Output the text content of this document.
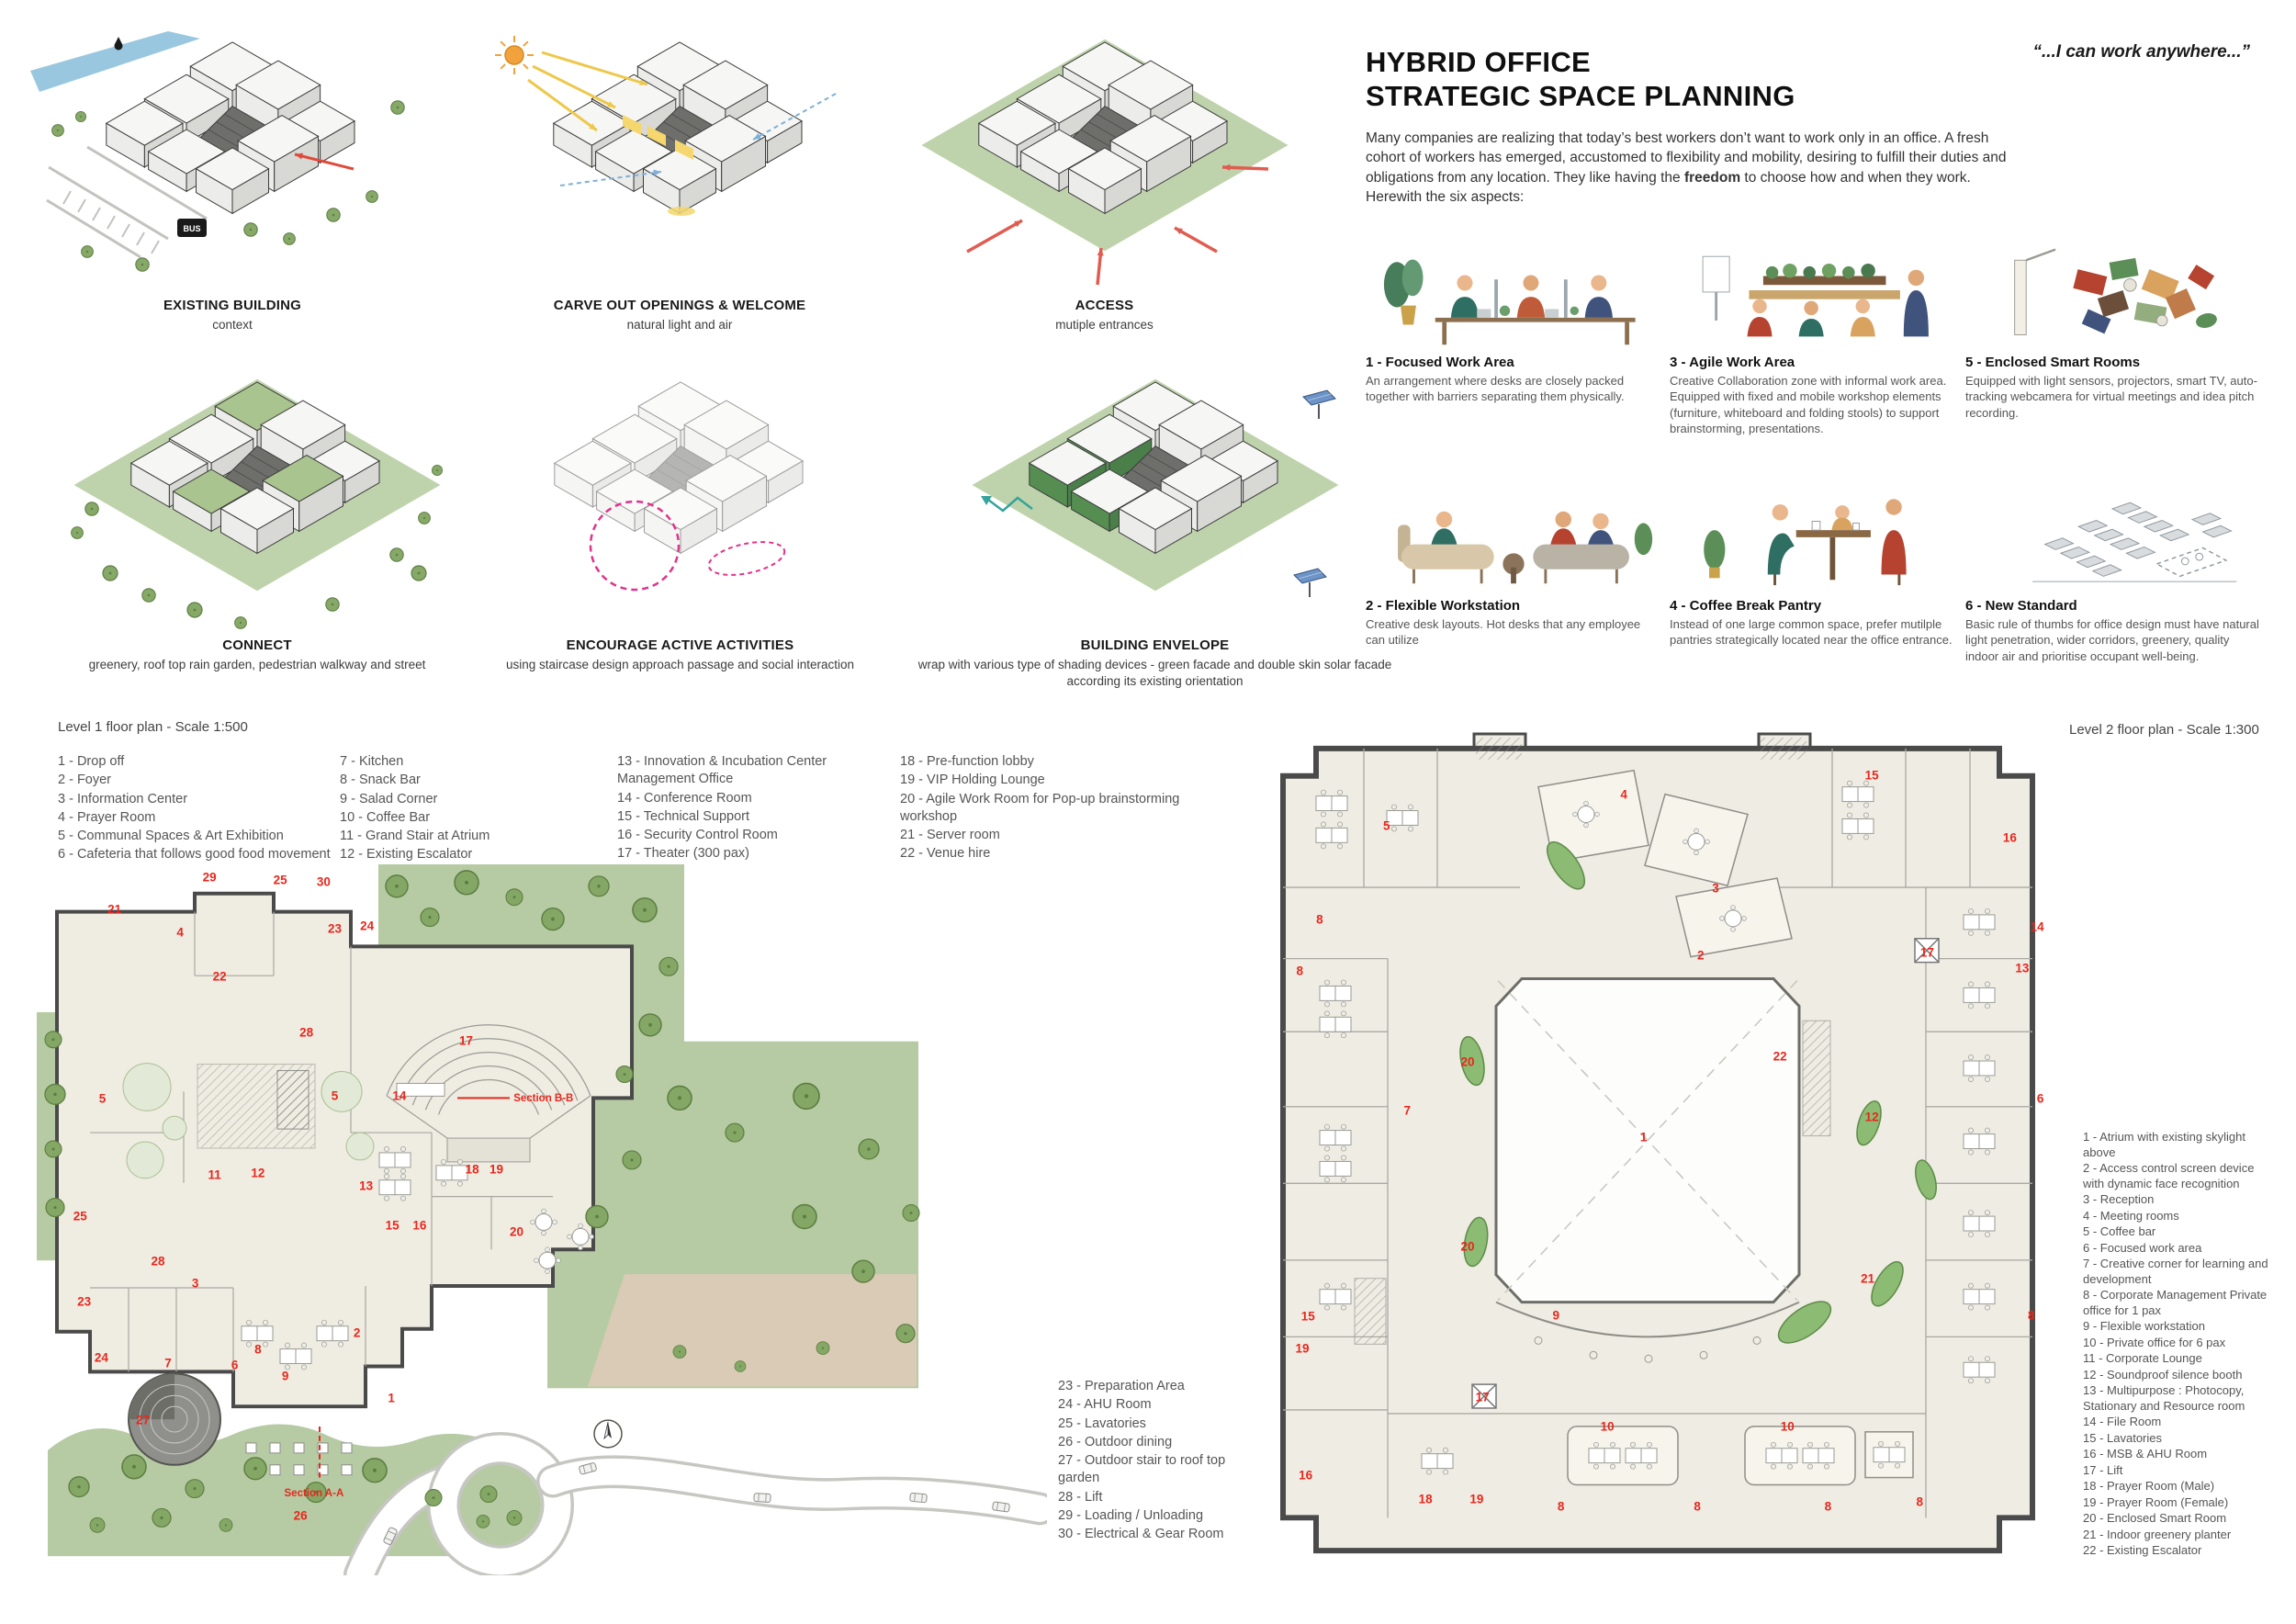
BUS
EXISTING BUILDING
context
CARVE OUT OPENINGS & WELCOME
natural light and air
ACCESS
mutiple entrances
CONNECT
greenery, roof top rain garden, pedestrian walkway and street
ENCOURAGE ACTIVE ACTIVITIES
using staircase design approach passage and social interaction
BUILDING ENVELOPE
wrap with various type of shading devices - green facade and double skin solar facade according its existing orientation
HYBRID OFFICE
STRATEGIC SPACE PLANNING
“...I can work anywhere...”

Many companies are realizing that today’s best workers don’t want to work only in an office. A fresh cohort of workers has emerged, accustomed to flexibility and mobility, desiring to fulfill their duties and obligations from any location. They like having the freedom to choose how and when they work. Herewith the six aspects:

1 - Focused Work Area
An arrangement where desks are closely packed together with barriers separating them physically.
3 - Agile Work Area
Creative Collaboration zone with informal work area. Equipped with fixed and mobile workshop elements (furniture, whiteboard and folding stools) to support brainstorming, presentations.
5 - Enclosed Smart Rooms
Equipped with light sensors, projectors, smart TV, auto-tracking webcamera for virtual meetings and idea pitch recording.
2 - Flexible Workstation
Creative desk layouts. Hot desks that any employee can utilize
4 - Coffee Break Pantry
Instead of one large common space, prefer mutilple pantries strategically located near the office entrance.
6 - New Standard
Basic rule of thumbs for office design must have natural light penetration, wider corridors, greenery, quality indoor air and prioritise occupant well-being.
Level 1 floor plan - Scale 1:500
1 - Drop off
2 - Foyer
3 - Information Center
4 - Prayer Room
5 - Communal Spaces & Art Exhibition
6 - Cafeteria that follows good food movement
7 - Kitchen
8 - Snack Bar
9 - Salad Corner
10 - Coffee Bar
11 - Grand Stair at Atrium
12 - Existing Escalator
13 - Innovation & Incubation Center Management Office
14 - Conference Room
15 - Technical Support
16 - Security Control Room
17 - Theater (300 pax)
18 - Pre-function lobby
19 - VIP Holding Lounge
20 - Agile Work Room for Pop-up brainstorming workshop
21 - Server room
22 - Venue hire
Section B-B
Section A-A
21
4
29	25 30
23 24
22
28
17
5	5	14
11 12
13
18 19
15 16	20
25
28
3
23
2
24	7	6
8
9
27
1
26
23 - Preparation Area
24 - AHU Room
25 - Lavatories
26 - Outdoor dining
27 - Outdoor stair to roof top garden
28 - Lift
29 - Loading / Unloading
30 - Electrical & Gear Room
Level 2 floor plan - Scale 1:300
5
4
15
16
3
8
8
14
17
13
2
20	22
6
12
7
1
20
15
19
9
21
8
17
10	10
16
18	19
8	8	8	8
1 - Atrium with existing skylight above
2 - Access control screen device with dynamic face recognition
3 - Reception
4 - Meeting rooms
5 - Coffee bar
6 - Focused work area
7 - Creative corner for learning and development
8 - Corporate Management Private office for 1 pax
9 - Flexible workstation
10 - Private office for 6 pax
11 - Corporate Lounge
12 - Soundproof silence booth
13 - Multipurpose : Photocopy, Stationary and Resource room
14 - File Room
15 - Lavatories
16 - MSB & AHU Room
17 - Lift
18 - Prayer Room (Male)
19 - Prayer Room (Female)
20 - Enclosed Smart Room
21 - Indoor greenery planter
22 - Existing Escalator
